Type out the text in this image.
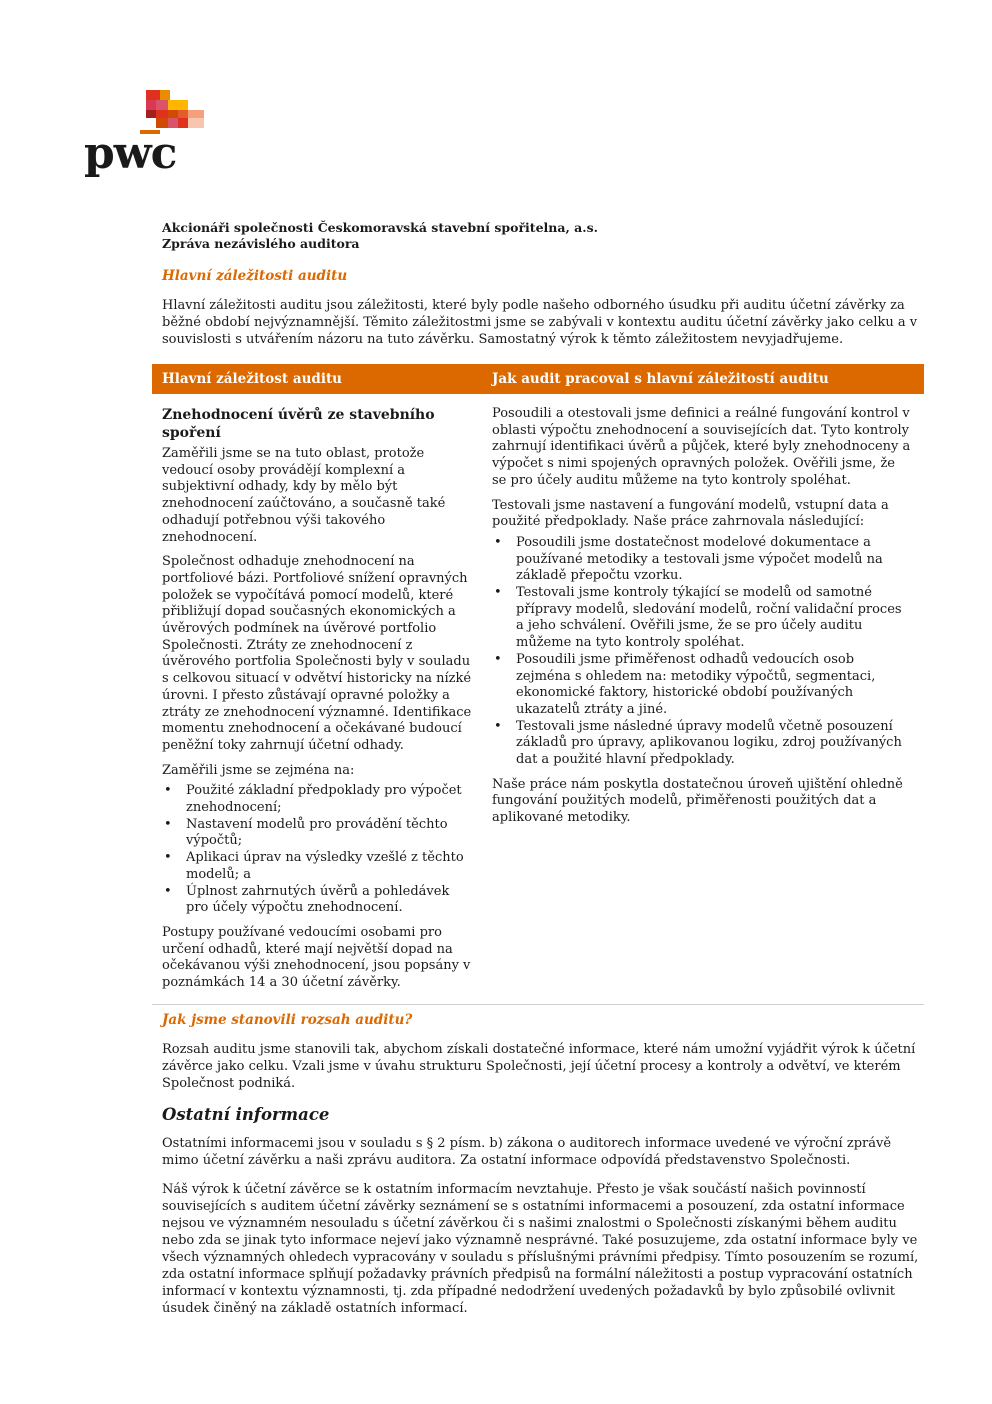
pwc
Akcionáři společnosti Českomoravská stavební spořitelna, a.s.
Zpráva nezávislého auditora
Hlavní záležitosti auditu

Hlavní záležitosti auditu jsou záležitosti, které byly podle našeho odborného úsudku při auditu účetní závěrky za běžné období nejvýznamnější. Těmito záležitostmi jsme se zabývali v kontextu auditu účetní závěrky jako celku a v souvislosti s utvářením názoru na tuto závěrku. Samostatný výrok k těmto záležitostem nevyjadřujeme.

Hlavní záležitost auditu	Jak audit pracoval s hlavní záležitostí auditu
Znehodnocení úvěrů ze stavebního spoření

Zaměřili jsme se na tuto oblast, protože vedoucí osoby provádějí komplexní a subjektivní odhady, kdy by mělo být znehodnocení zaúčtováno, a současně také odhadují potřebnou výši takového znehodnocení.

Společnost odhaduje znehodnocení na portfoliové bázi. Portfoliové snížení opravných položek se vypočítává pomocí modelů, které přibližují dopad současných ekonomických a úvěrových podmínek na úvěrové portfolio Společnosti. Ztráty ze znehodnocení z úvěrového portfolia Společnosti byly v souladu s celkovou situací v odvětví historicky na nízké úrovni. I přesto zůstávají opravné položky a ztráty ze znehodnocení významné. Identifikace momentu znehodnocení a očekávané budoucí peněžní toky zahrnují účetní odhady.

Zaměřili jsme se zejména na:

• Použité základní předpoklady pro výpočet znehodnocení;
• Nastavení modelů pro provádění těchto výpočtů;
• Aplikaci úprav na výsledky vzešlé z těchto modelů; a
• Úplnost zahrnutých úvěrů a pohledávek pro účely výpočtu znehodnocení.

Postupy používané vedoucími osobami pro určení odhadů, které mají největší dopad na očekávanou výši znehodnocení, jsou popsány v poznámkách 14 a 30 účetní závěrky.

Posoudili a otestovali jsme definici a reálné fungování kontrol v oblasti výpočtu znehodnocení a souvisejících dat. Tyto kontroly zahrnují identifikaci úvěrů a půjček, které byly znehodnoceny a výpočet s nimi spojených opravných položek. Ověřili jsme, že se pro účely auditu můžeme na tyto kontroly spoléhat.

Testovali jsme nastavení a fungování modelů, vstupní data a použité předpoklady. Naše práce zahrnovala následující:

• Posoudili jsme dostatečnost modelové dokumentace a používané metodiky a testovali jsme výpočet modelů na základě přepočtu vzorku.
• Testovali jsme kontroly týkající se modelů od samotné přípravy modelů, sledování modelů, roční validační proces a jeho schválení. Ověřili jsme, že se pro účely auditu můžeme na tyto kontroly spoléhat.
• Posoudili jsme přiměřenost odhadů vedoucích osob zejména s ohledem na: metodiky výpočtů, segmentaci, ekonomické faktory, historické období používaných ukazatelů ztráty a jiné.
• Testovali jsme následné úpravy modelů včetně posouzení základů pro úpravy, aplikovanou logiku, zdroj používaných dat a použité hlavní předpoklady.

Naše práce nám poskytla dostatečnou úroveň ujištění ohledně fungování použitých modelů, přiměřenosti použitých dat a aplikované metodiky.

Jak jsme stanovili rozsah auditu?

Rozsah auditu jsme stanovili tak, abychom získali dostatečné informace, které nám umožní vyjádřit výrok k účetní závěrce jako celku. Vzali jsme v úvahu strukturu Společnosti, její účetní procesy a kontroly a odvětví, ve kterém Společnost podniká.

Ostatní informace

Ostatními informacemi jsou v souladu s § 2 písm. b) zákona o auditorech informace uvedené ve výroční zprávě mimo účetní závěrku a naši zprávu auditora. Za ostatní informace odpovídá představenstvo Společnosti.

Náš výrok k účetní závěrce se k ostatním informacím nevztahuje. Přesto je však součástí našich povinností souvisejících s auditem účetní závěrky seznámení se s ostatními informacemi a posouzení, zda ostatní informace nejsou ve významném nesouladu s účetní závěrkou či s našimi znalostmi o Společnosti získanými během auditu nebo zda se jinak tyto informace nejeví jako významně nesprávné. Také posuzujeme, zda ostatní informace byly ve všech významných ohledech vypracovány v souladu s příslušnými právními předpisy. Tímto posouzením se rozumí, zda ostatní informace splňují požadavky právních předpisů na formální náležitosti a postup vypracování ostatních informací v kontextu významnosti, tj. zda případné nedodržení uvedených požadavků by bylo způsobilé ovlivnit úsudek činěný na základě ostatních informací.
